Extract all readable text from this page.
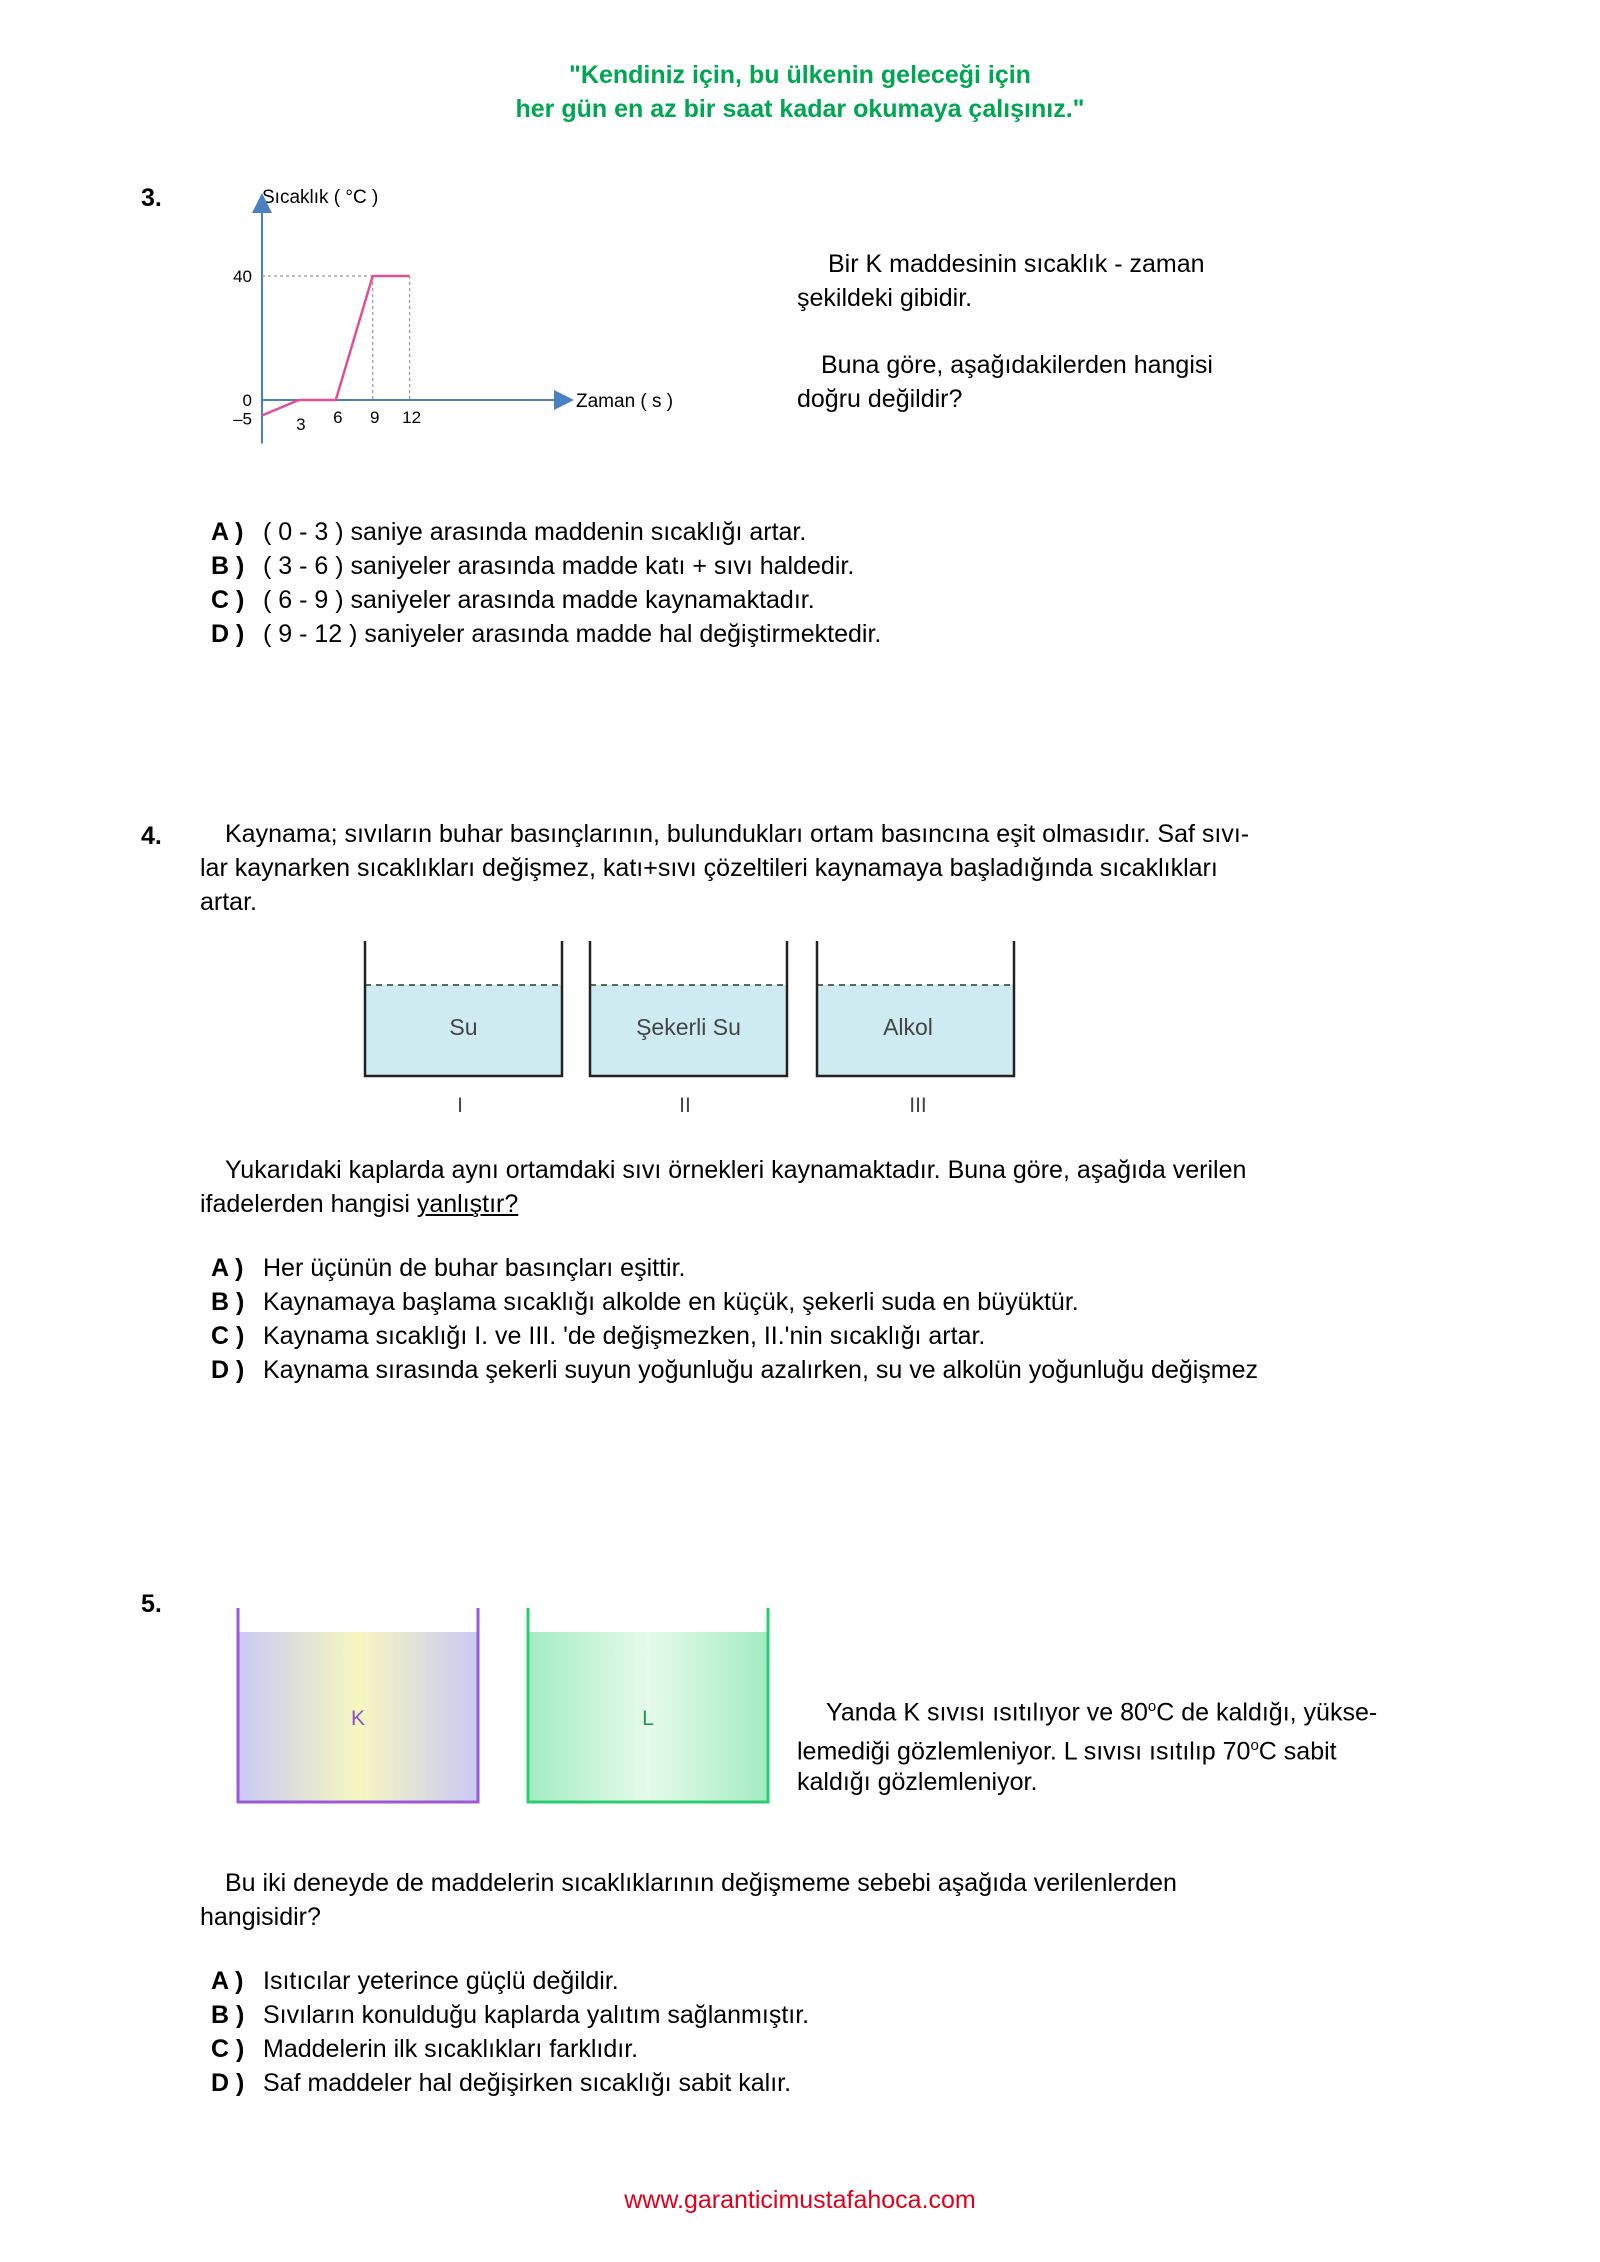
"Kendiniz için, bu ülkenin geleceği için
her gün en az bir saat kadar okumaya çalışınız."
3.	Sıcaklık ( °C )
40
0
–5	3 6 9 12
Zaman ( s )
Bir K maddesinin sıcaklık - zaman
şekildeki gibidir.
Buna göre, aşağıdakilerden hangisi
doğru değildir?
A ) ( 0 - 3 ) saniye arasında maddenin sıcaklığı artar.
B ) ( 3 - 6 ) saniyeler arasında madde katı + sıvı haldedir.
C ) ( 6 - 9 ) saniyeler arasında madde kaynamaktadır.
D ) ( 9 - 12 ) saniyeler arasında madde hal değiştirmektedir.
4.	Kaynama; sıvıların buhar basınçlarının, bulundukları ortam basıncına eşit olmasıdır. Saf sıvı-
lar kaynarken sıcaklıkları değişmez, katı+sıvı çözeltileri kaynamaya başladığında sıcaklıkları
artar.
Su
I
Şekerli Su
II
Alkol
III
Yukarıdaki kaplarda aynı ortamdaki sıvı örnekleri kaynamaktadır. Buna göre, aşağıda verilen
ifadelerden hangisi yanlıştır?
A ) Her üçünün de buhar basınçları eşittir.
B ) Kaynamaya başlama sıcaklığı alkolde en küçük, şekerli suda en büyüktür.
C ) Kaynama sıcaklığı I. ve III. 'de değişmezken, II.'nin sıcaklığı artar.
D ) Kaynama sırasında şekerli suyun yoğunluğu azalırken, su ve alkolün yoğunluğu değişmez
5.
K	L	Yanda K sıvısı ısıtılıyor ve 80$^o$C de kaldığı, yükse-
lemediği gözlemleniyor. L sıvısı ısıtılıp 70$^o$C sabit
kaldığı gözlemleniyor.
Bu iki deneyde de maddelerin sıcaklıklarının değişmeme sebebi aşağıda verilenlerden
hangisidir?
A ) Isıtıcılar yeterince güçlü değildir.
B ) Sıvıların konulduğu kaplarda yalıtım sağlanmıştır.
C ) Maddelerin ilk sıcaklıkları farklıdır.
D ) Saf maddeler hal değişirken sıcaklığı sabit kalır.
www.garanticimustafahoca.com
